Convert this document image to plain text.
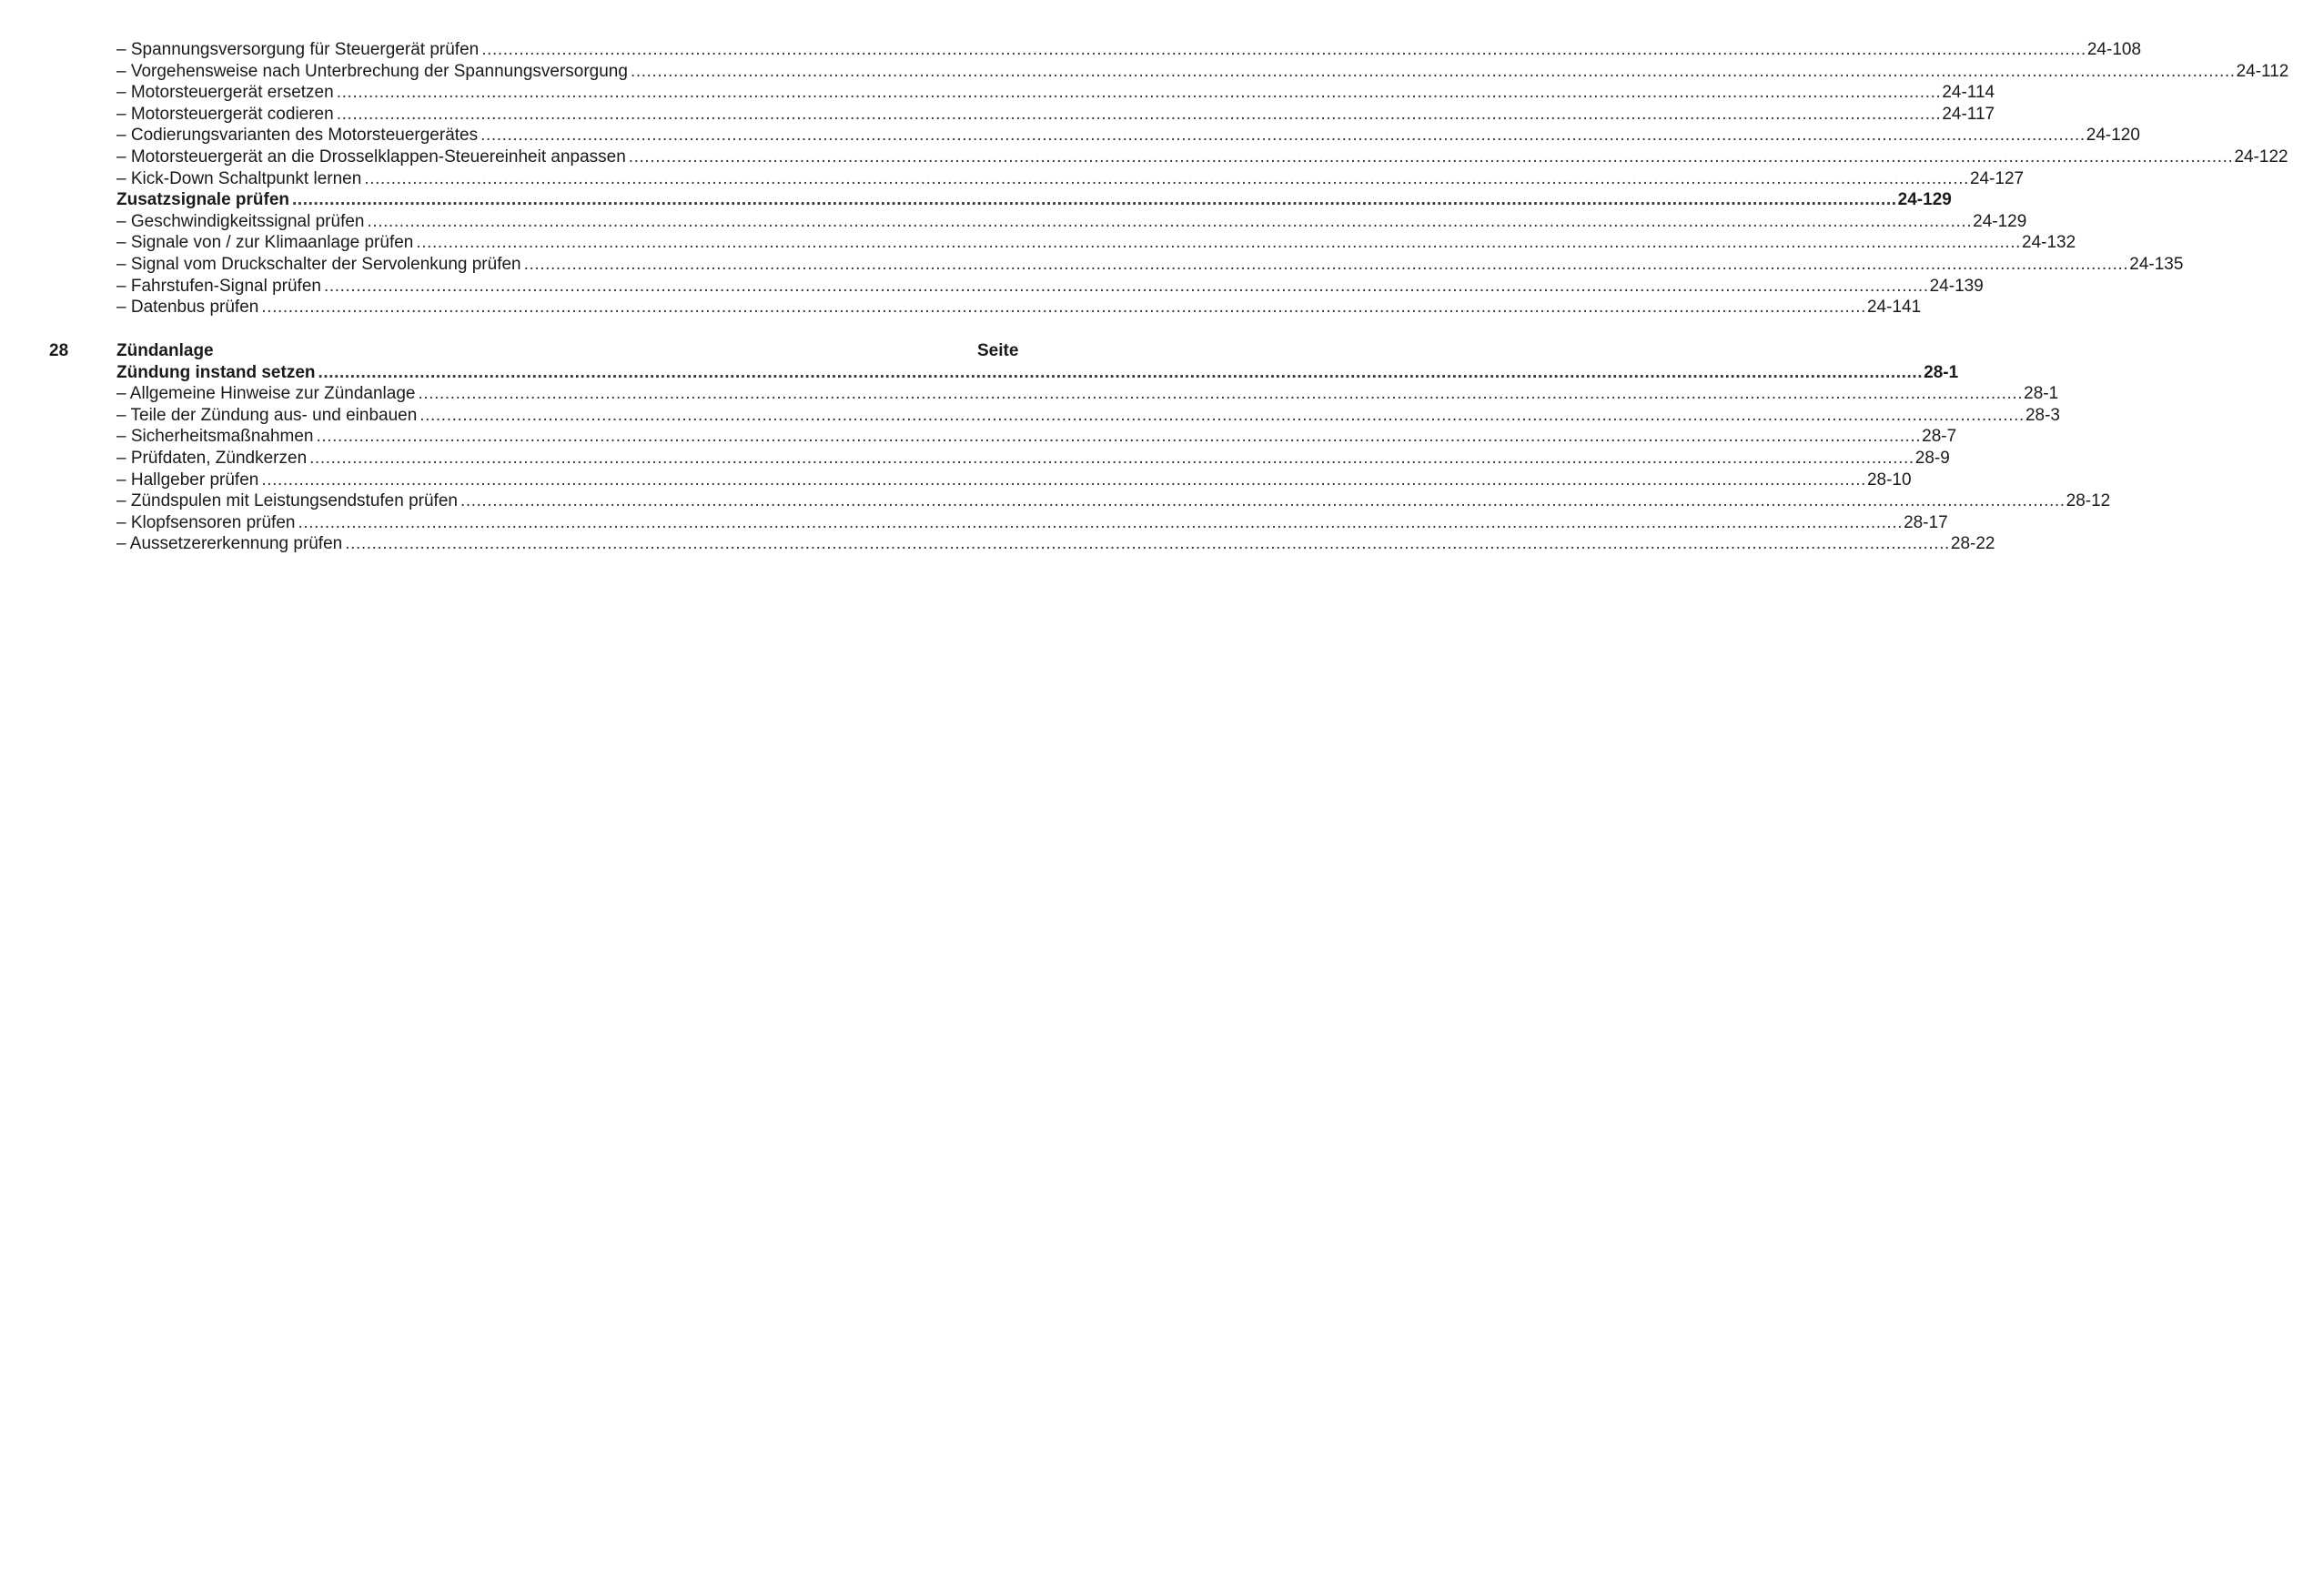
– Spannungsversorgung für Steuergerät prüfen ............................................................................................................................................................................................................................................................................................................ 24-108
– Vorgehensweise nach Unterbrechung der Spannungsversorgung ............................................................................................................................................................................................................................................................................................................ 24-112
– Motorsteuergerät ersetzen ............................................................................................................................................................................................................................................................................................................ 24-114
– Motorsteuergerät codieren ............................................................................................................................................................................................................................................................................................................ 24-117
– Codierungsvarianten des Motorsteuergerätes ............................................................................................................................................................................................................................................................................................................ 24-120
– Motorsteuergerät an die Drosselklappen-Steuereinheit anpassen ............................................................................................................................................................................................................................................................................................................ 24-122
– Kick-Down Schaltpunkt lernen ............................................................................................................................................................................................................................................................................................................ 24-127
Zusatzsignale prüfen ............................................................................................................................................................................................................................................................................................................ 24-129
– Geschwindigkeitssignal prüfen ............................................................................................................................................................................................................................................................................................................ 24-129
– Signale von / zur Klimaanlage prüfen ............................................................................................................................................................................................................................................................................................................ 24-132
– Signal vom Druckschalter der Servolenkung prüfen ............................................................................................................................................................................................................................................................................................................ 24-135
– Fahrstufen-Signal prüfen ............................................................................................................................................................................................................................................................................................................ 24-139
– Datenbus prüfen ............................................................................................................................................................................................................................................................................................................ 24-141
28	Zündanlage	Seite
Zündung instand setzen ............................................................................................................................................................................................................................................................................................................ 28-1
– Allgemeine Hinweise zur Zündanlage ............................................................................................................................................................................................................................................................................................................ 28-1
– Teile der Zündung aus- und einbauen ............................................................................................................................................................................................................................................................................................................ 28-3
– Sicherheitsmaßnahmen ............................................................................................................................................................................................................................................................................................................ 28-7
– Prüfdaten, Zündkerzen ............................................................................................................................................................................................................................................................................................................ 28-9
– Hallgeber prüfen ............................................................................................................................................................................................................................................................................................................ 28-10
– Zündspulen mit Leistungsendstufen prüfen ............................................................................................................................................................................................................................................................................................................ 28-12
– Klopfsensoren prüfen ............................................................................................................................................................................................................................................................................................................ 28-17
– Aussetzererkennung prüfen ............................................................................................................................................................................................................................................................................................................ 28-22
